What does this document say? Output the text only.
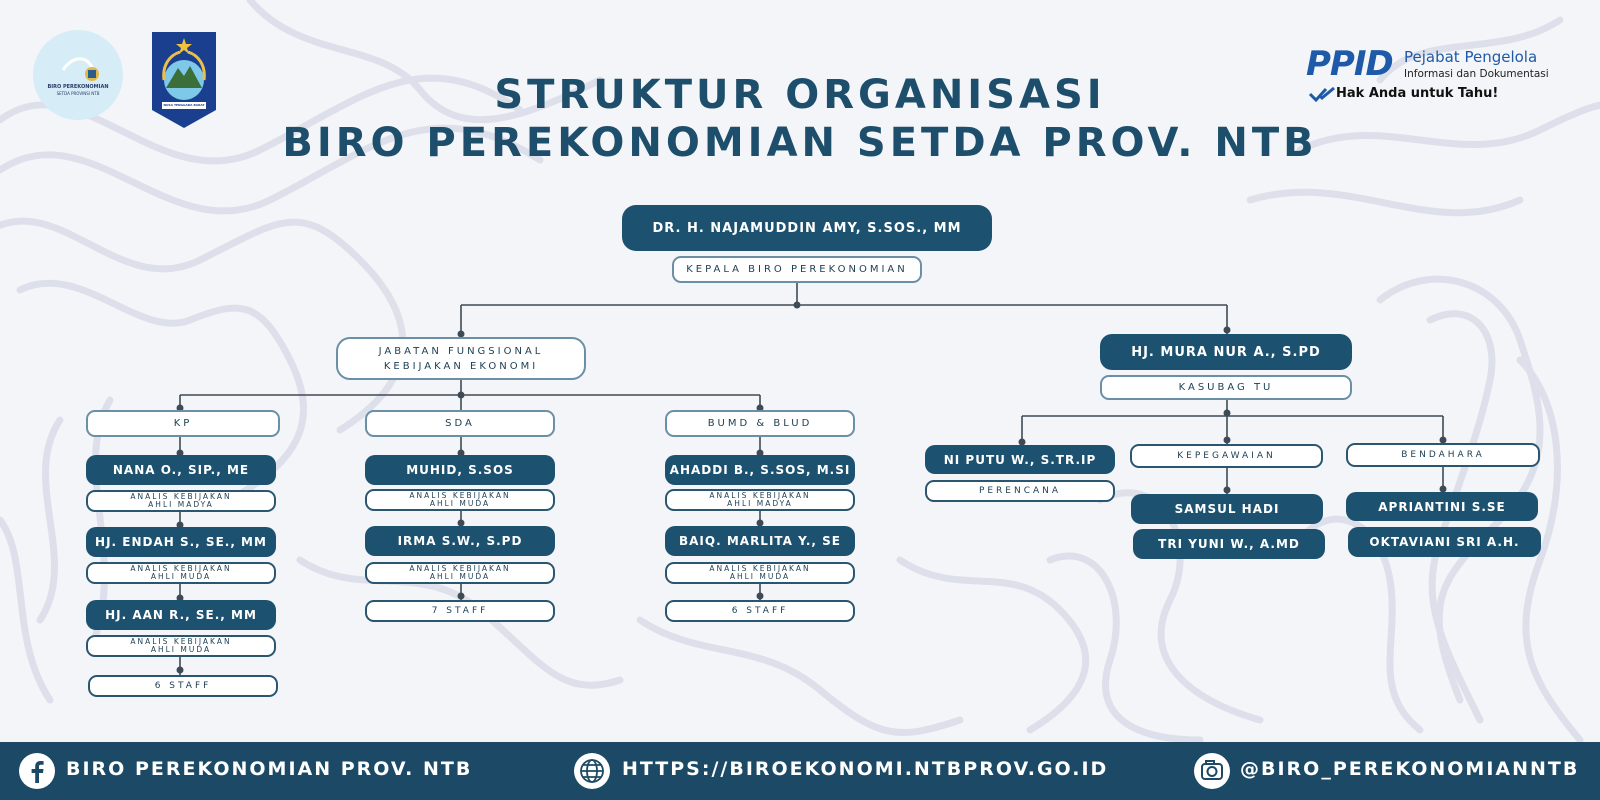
BIRO PEREKONOMIAN
SETDA PROVINSI NTB
NUSA TENGGARA BARAT
PPID Pejabat Pengelola
Informasi dan Dokumentasi
Hak Anda untuk Tahu!
STRUKTUR ORGANISASI
BIRO PEREKONOMIAN SETDA PROV. NTB
DR. H. NAJAMUDDIN AMY, S.SOS., MM
KEPALA BIRO PEREKONOMIAN
JABATAN FUNGSIONAL
KEBIJAKAN EKONOMI
KP
NANA O., SIP., ME
ANALIS KEBIJAKAN
AHLI MADYA
HJ. ENDAH S., SE., MM
ANALIS KEBIJAKAN
AHLI MUDA
HJ. AAN R., SE., MM
ANALIS KEBIJAKAN
AHLI MUDA
6 STAFF
SDA
MUHID, S.SOS
ANALIS KEBIJAKAN
AHLI MUDA
IRMA S.W., S.PD
ANALIS KEBIJAKAN
AHLI MUDA
7 STAFF
BUMD & BLUD
AHADDI B., S.SOS, M.SI
ANALIS KEBIJAKAN
AHLI MADYA
BAIQ. MARLITA Y., SE
ANALIS KEBIJAKAN
AHLI MUDA
6 STAFF
HJ. MURA NUR A., S.PD
KASUBAG TU
NI PUTU W., S.TR.IP
PERENCANA
KEPEGAWAIAN
SAMSUL HADI
TRI YUNI W., A.MD
BENDAHARA
APRIANTINI S.SE
OKTAVIANI SRI A.H.
BIRO PEREKONOMIAN PROV. NTB	HTTPS://BIROEKONOMI.NTBPROV.GO.ID	@BIRO_PEREKONOMIANNTB
